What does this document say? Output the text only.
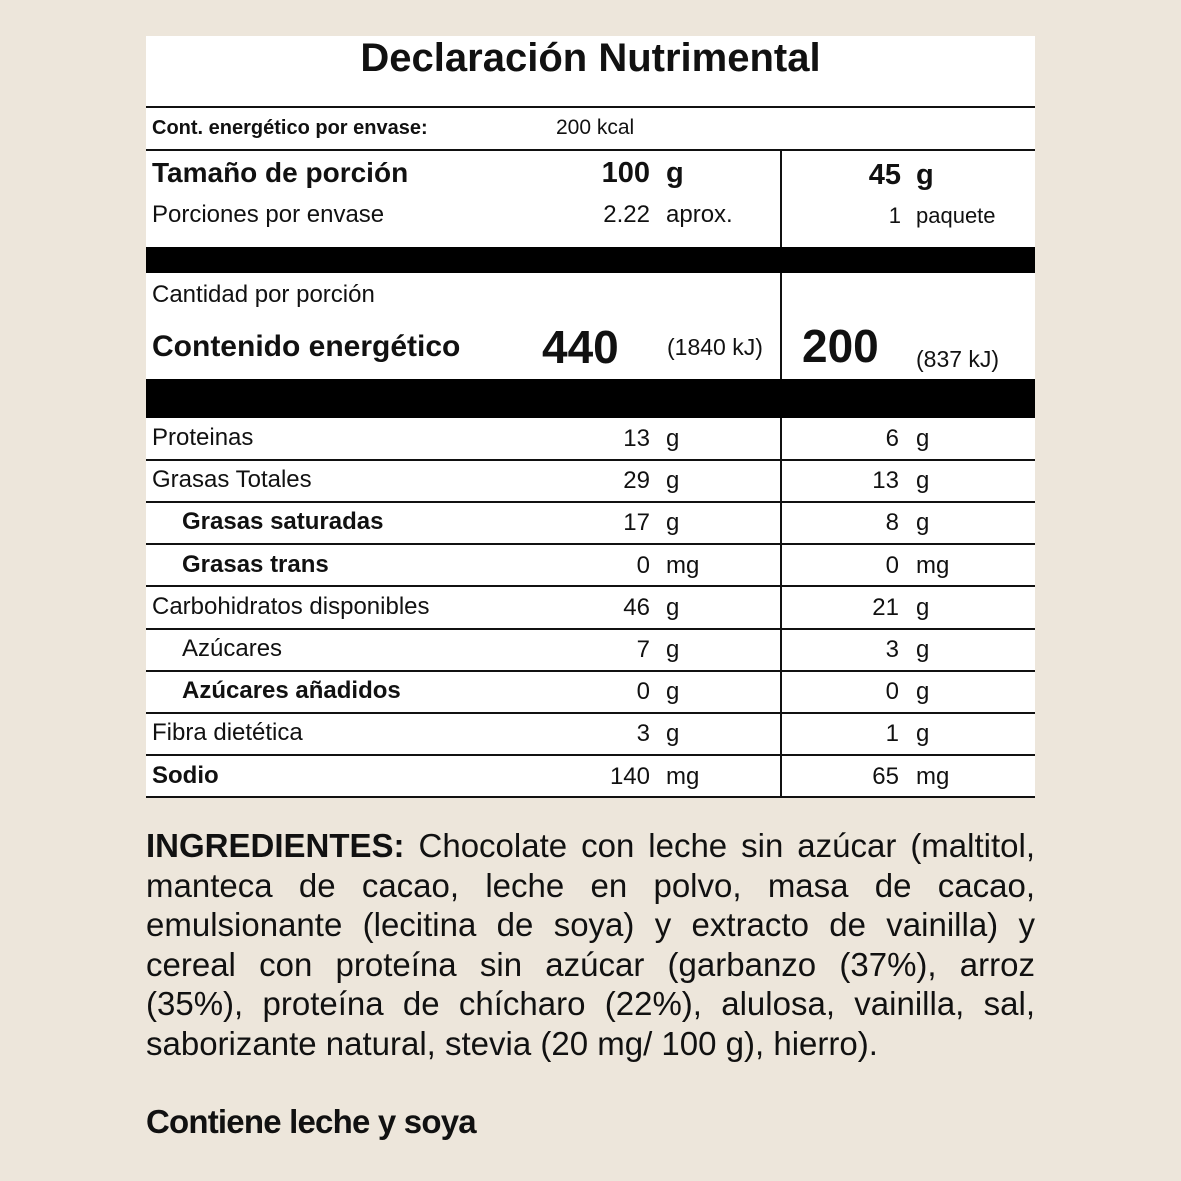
Declaración Nutrimental
Cont. energético por envase:	200 kcal
Tamaño de porción	100 g	45 g
Porciones por envase	2.22 aprox.	1 paquete
Cantidad por porción
Contenido energético 440 (1840 kJ) 200 (837 kJ)
Proteinas	13 g	6 g
Grasas Totales	29 g	13 g
Grasas saturadas	17 g	8 g
Grasas trans	0 mg	0 mg
Carbohidratos disponibles	46 g	21 g
Azúcares	7 g	3 g
Azúcares añadidos	0 g	0 g
Fibra dietética	3 g	1 g
Sodio	140 mg	65 mg
INGREDIENTES: Chocolate con leche sin azúcar (maltitol, manteca de cacao, leche en polvo, masa de cacao, emulsionante (lecitina de soya) y extracto de vainilla) y cereal con proteína sin azúcar (garbanzo (37%), arroz (35%), proteína de chícharo (22%), alulosa, vainilla, sal, saborizante natural, stevia (20 mg/ 100 g), hierro).
Contiene leche y soya
